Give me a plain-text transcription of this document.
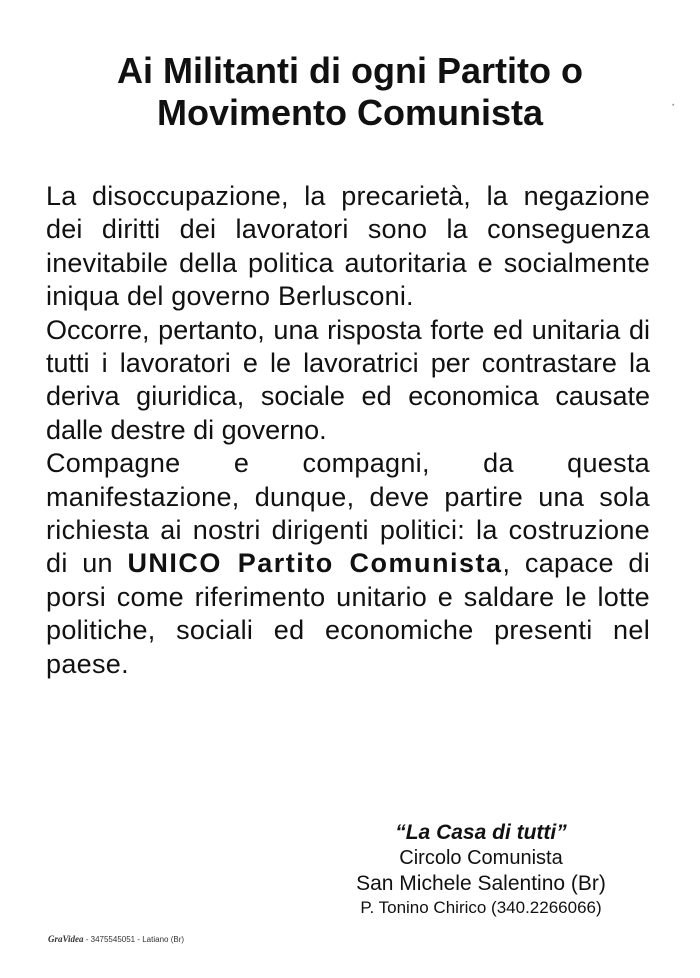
Ai Militanti di ogni Partito o
Movimento Comunista	*

La disoccupazione, la precarietà, la negazione dei diritti dei lavoratori sono la conseguenza inevitabile della politica autoritaria e socialmente iniqua del governo Berlusconi.

Occorre, pertanto, una risposta forte ed unitaria di tutti i lavoratori e le lavoratrici per contrastare la deriva giuridica, sociale ed economica causate dalle destre di governo.

Compagne e compagni, da questa manifestazione, dunque, deve partire una sola richiesta ai nostri dirigenti politici: la costruzione di un UNICO Partito Comunista, capace di porsi come riferimento unitario e saldare le lotte politiche, sociali ed economiche presenti nel paese.

“La Casa di tutti”
Circolo Comunista
San Michele Salentino (Br)
P. Tonino Chirico (340.2266066)
GraVidea - 3475545051 - Latiano (Br)
